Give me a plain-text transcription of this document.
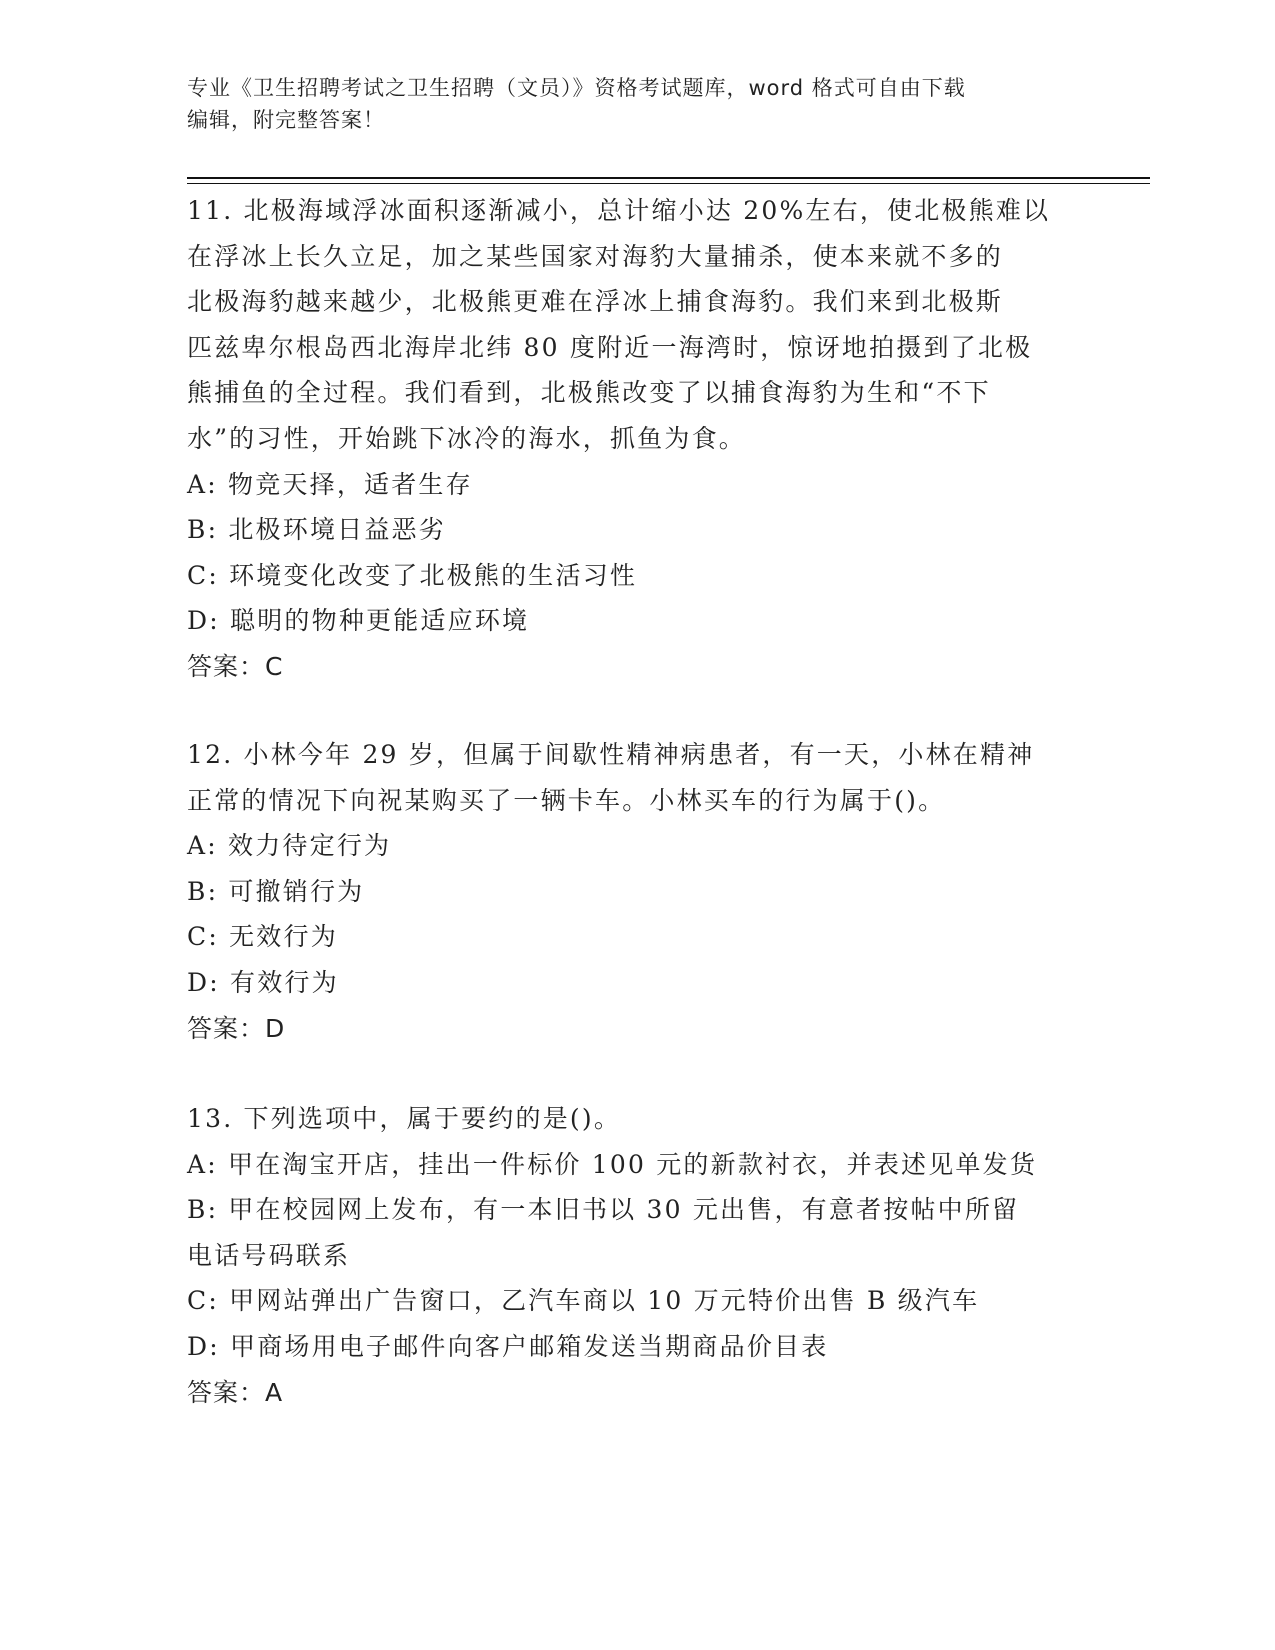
专业《卫生招聘考试之卫生招聘（文员）》资格考试题库，word 格式可自由下载
编辑，附完整答案！

11. 北极海域浮冰面积逐渐减小，总计缩小达 20%左右，使北极熊难以

在浮冰上长久立足，加之某些国家对海豹大量捕杀，使本来就不多的

北极海豹越来越少，北极熊更难在浮冰上捕食海豹。我们来到北极斯

匹兹卑尔根岛西北海岸北纬 80 度附近一海湾时，惊讶地拍摄到了北极

熊捕鱼的全过程。我们看到，北极熊改变了以捕食海豹为生和“不下

水”的习性，开始跳下冰冷的海水，抓鱼为食。

A: 物竞天择，适者生存

B: 北极环境日益恶劣

C: 环境变化改变了北极熊的生活习性

D: 聪明的物种更能适应环境

答案：C

12. 小林今年 29 岁，但属于间歇性精神病患者，有一天，小林在精神

正常的情况下向祝某购买了一辆卡车。小林买车的行为属于()。

A: 效力待定行为

B: 可撤销行为

C: 无效行为

D: 有效行为

答案：D

13. 下列选项中，属于要约的是()。

A: 甲在淘宝开店，挂出一件标价 100 元的新款衬衣，并表述见单发货

B: 甲在校园网上发布，有一本旧书以 30 元出售，有意者按帖中所留

电话号码联系

C: 甲网站弹出广告窗口，乙汽车商以 10 万元特价出售 B 级汽车

D: 甲商场用电子邮件向客户邮箱发送当期商品价目表

答案：A
